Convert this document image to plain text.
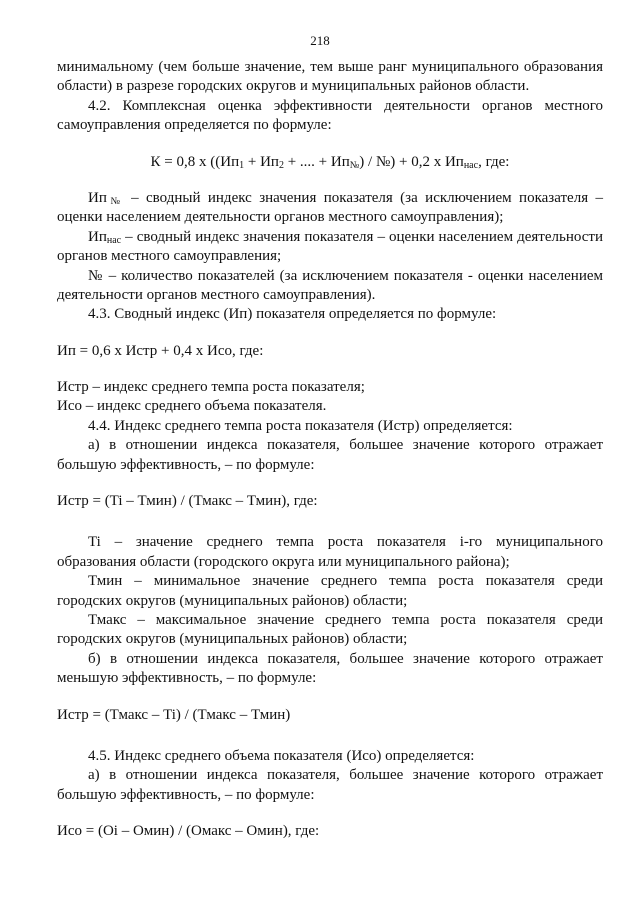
218
минимальному (чем больше значение, тем выше ранг муниципального образования
области) в разрезе городских округов и муниципальных районов области.
4.2. Комплексная оценка эффективности деятельности органов местного
самоуправления определяется по формуле:
К = 0,8 х (($Ип_1 + Ип_2$ + .... + $Ип_№$) / №) + 0,2 х $Ип_{нас}$, где:
$Ип_№$ – сводный индекс значения показателя (за исключением показателя –
оценки населением деятельности органов местного самоуправления);
$Ип_{нас}$ – сводный индекс значения показателя – оценки населением деятельности
органов местного самоуправления;
№ – количество показателей (за исключением показателя - оценки населением
деятельности органов местного самоуправления).
4.3. Сводный индекс (Ип) показателя определяется по формуле:
Ип = 0,6 х Истр + 0,4 х Исо, где:
Истр – индекс среднего темпа роста показателя;
Исо – индекс среднего объема показателя.
4.4. Индекс среднего темпа роста показателя (Истр) определяется:
а) в отношении индекса показателя, большее значение которого отражает
большую эффективность, – по формуле:
Истр = (Ti – Тмин) / (Тмакс – Тмин), где:
Ti – значение среднего темпа роста показателя i-го муниципального
образования области (городского округа или муниципального района);
Тмин – минимальное значение среднего темпа роста показателя среди
городских округов (муниципальных районов) области;
Тмакс – максимальное значение среднего темпа роста показателя среди
городских округов (муниципальных районов) области;
б) в отношении индекса показателя, большее значение которого отражает
меньшую эффективность, – по формуле:
Истр = (Тмакс – Ti) / (Тмакс – Тмин)
4.5. Индекс среднего объема показателя (Исо) определяется:
а) в отношении индекса показателя, большее значение которого отражает
большую эффективность, – по формуле:
Исо = (Оi – Омин) / (Омакс – Омин), где:
